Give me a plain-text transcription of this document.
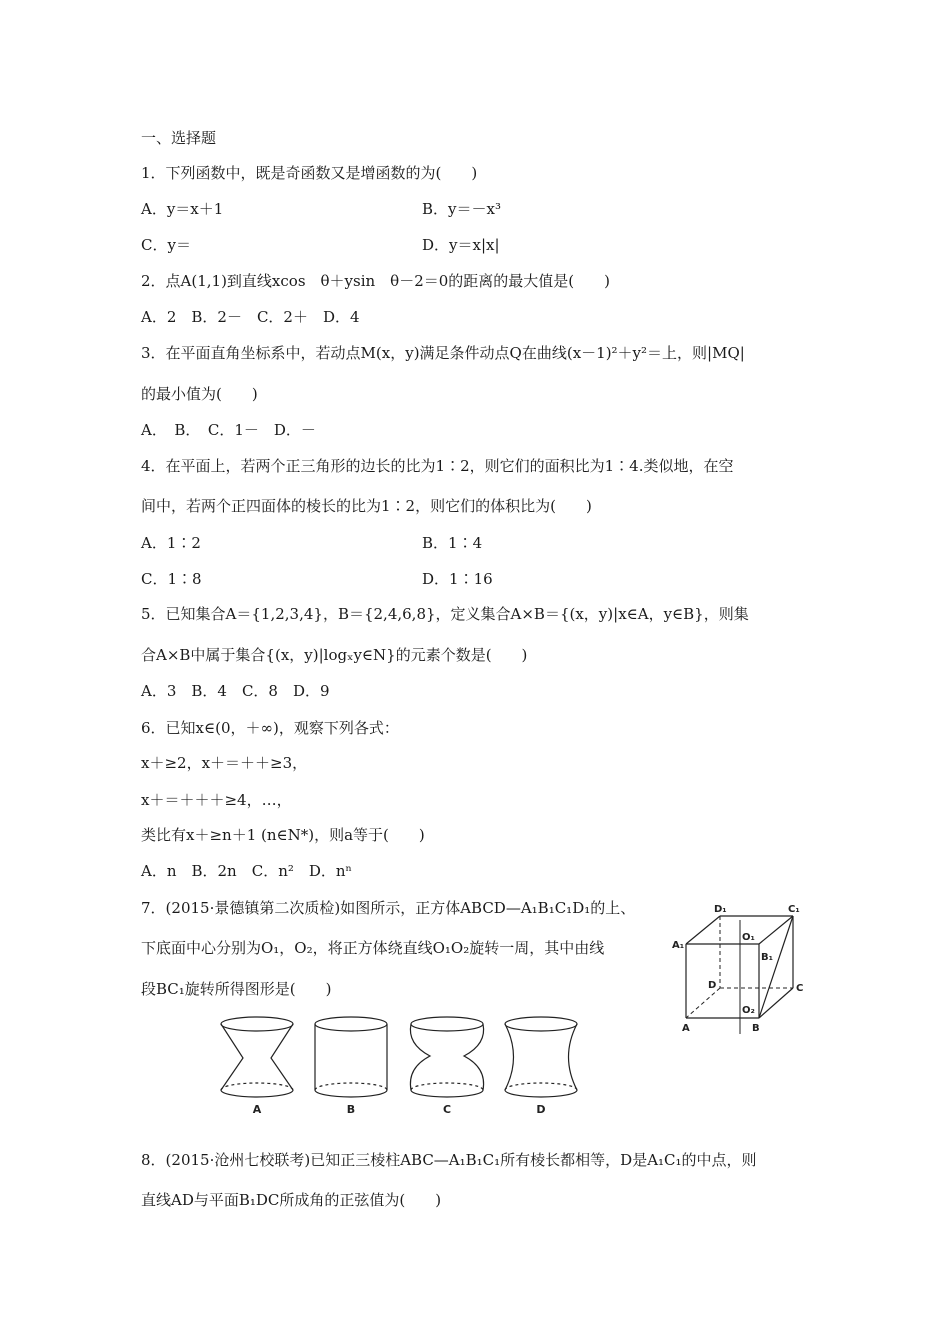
一、选择题
1．下列函数中，既是奇函数又是增函数的为(　　)
A．y＝x＋1	B．y＝－x³
C．y＝	D．y＝x|x|
2．点A(1,1)到直线xcos　θ＋ysin　θ－2＝0的距离的最大值是(　　)
A．2　B．2－　C．2＋　D．4
3．在平面直角坐标系中，若动点M(x，y)满足条件动点Q在曲线(x－1)²＋y²＝上，则|MQ|
的最小值为(　　)
A．　B．　C．1－　D．－
4．在平面上，若两个正三角形的边长的比为1∶2，则它们的面积比为1∶4.类似地，在空
间中，若两个正四面体的棱长的比为1∶2，则它们的体积比为(　　)
A．1∶2	B．1∶4
C．1∶8	D．1∶16
5．已知集合A＝{1,2,3,4}，B＝{2,4,6,8}，定义集合A×B＝{(x，y)|x∈A，y∈B}，则集
合A×B中属于集合{(x，y)|logₓy∈N}的元素个数是(　　)
A．3　B．4　C．8　D．9
6．已知x∈(0，＋∞)，观察下列各式：
x＋≥2，x＋＝＋＋≥3，
x＋＝＋＋＋≥4，…，
类比有x＋≥n＋1 (n∈N*)，则a等于(　　)
A．n　B．2n　C．n²　D．nⁿ
7．(2015·景德镇第二次质检)如图所示，正方体ABCD—A₁B₁C₁D₁的上、
下底面中心分别为O₁，O₂，将正方体绕直线O₁O₂旋转一周，其中由线
段BC₁旋转所得图形是(　　)
D₁	C₁
A₁
O₁
B₁
D	C
O₂
A	B
A	B	C	D
8．(2015·沧州七校联考)已知正三棱柱ABC—A₁B₁C₁所有棱长都相等，D是A₁C₁的中点，则
直线AD与平面B₁DC所成角的正弦值为(　　)
